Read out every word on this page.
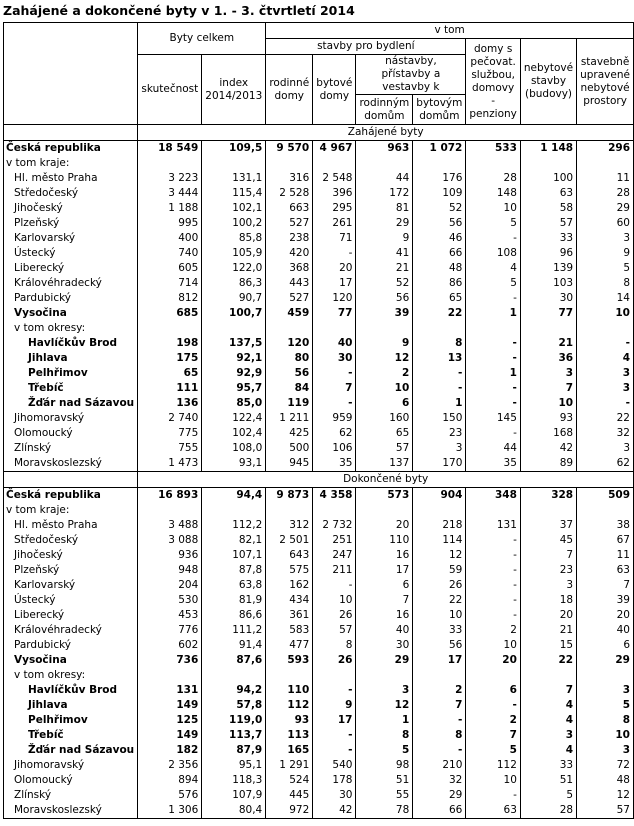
Zahájené a dokončené byty v 1. - 3. čtvrtletí 2014
	Byty celkem		v tom						
			stavby pro bydlení				domy s pečovat. službou, domovy - penziony	nebytové stavby (budovy)	stavebně upravené nebytové prostory
	skutečnost	index 2014/2013	rodinné domy	bytové domy	nástavby, přístavby a vestavby k				
					rodinným domům	bytovým domům			
	Zahájené byty								
Česká republika	18 549	109,5	9 570	4 967	963	1 072	533	1 148	296
v tom kraje:									
Hl. město Praha	3 223	131,1	316	2 548	44	176	28	100	11
Středočeský	3 444	115,4	2 528	396	172	109	148	63	28
Jihočeský	1 188	102,1	663	295	81	52	10	58	29
Plzeňský	995	100,2	527	261	29	56	5	57	60
Karlovarský	400	85,8	238	71	9	46	-	33	3
Ústecký	740	105,9	420	-	41	66	108	96	9
Liberecký	605	122,0	368	20	21	48	4	139	5
Královéhradecký	714	86,3	443	17	52	86	5	103	8
Pardubický	812	90,7	527	120	56	65	-	30	14
Vysočina	685	100,7	459	77	39	22	1	77	10
v tom okresy:									
Havlíčkův Brod	198	137,5	120	40	9	8	-	21	-
Jihlava	175	92,1	80	30	12	13	-	36	4
Pelhřimov	65	92,9	56	-	2	-	1	3	3
Třebíč	111	95,7	84	7	10	-	-	7	3
Žďár nad Sázavou	136	85,0	119	-	6	1	-	10	-
Jihomoravský	2 740	122,4	1 211	959	160	150	145	93	22
Olomoucký	775	102,4	425	62	65	23	-	168	32
Zlínský	755	108,0	500	106	57	3	44	42	3
Moravskoslezský	1 473	93,1	945	35	137	170	35	89	62
	Dokončené byty								
Česká republika	16 893	94,4	9 873	4 358	573	904	348	328	509
v tom kraje:									
Hl. město Praha	3 488	112,2	312	2 732	20	218	131	37	38
Středočeský	3 088	82,1	2 501	251	110	114	-	45	67
Jihočeský	936	107,1	643	247	16	12	-	7	11
Plzeňský	948	87,8	575	211	17	59	-	23	63
Karlovarský	204	63,8	162	-	6	26	-	3	7
Ústecký	530	81,9	434	10	7	22	-	18	39
Liberecký	453	86,6	361	26	16	10	-	20	20
Královéhradecký	776	111,2	583	57	40	33	2	21	40
Pardubický	602	91,4	477	8	30	56	10	15	6
Vysočina	736	87,6	593	26	29	17	20	22	29
v tom okresy:									
Havlíčkův Brod	131	94,2	110	-	3	2	6	7	3
Jihlava	149	57,8	112	9	12	7	-	4	5
Pelhřimov	125	119,0	93	17	1	-	2	4	8
Třebíč	149	113,7	113	-	8	8	7	3	10
Žďár nad Sázavou	182	87,9	165	-	5	-	5	4	3
Jihomoravský	2 356	95,1	1 291	540	98	210	112	33	72
Olomoucký	894	118,3	524	178	51	32	10	51	48
Zlínský	576	107,9	445	30	55	29	-	5	12
Moravskoslezský	1 306	80,4	972	42	78	66	63	28	57
